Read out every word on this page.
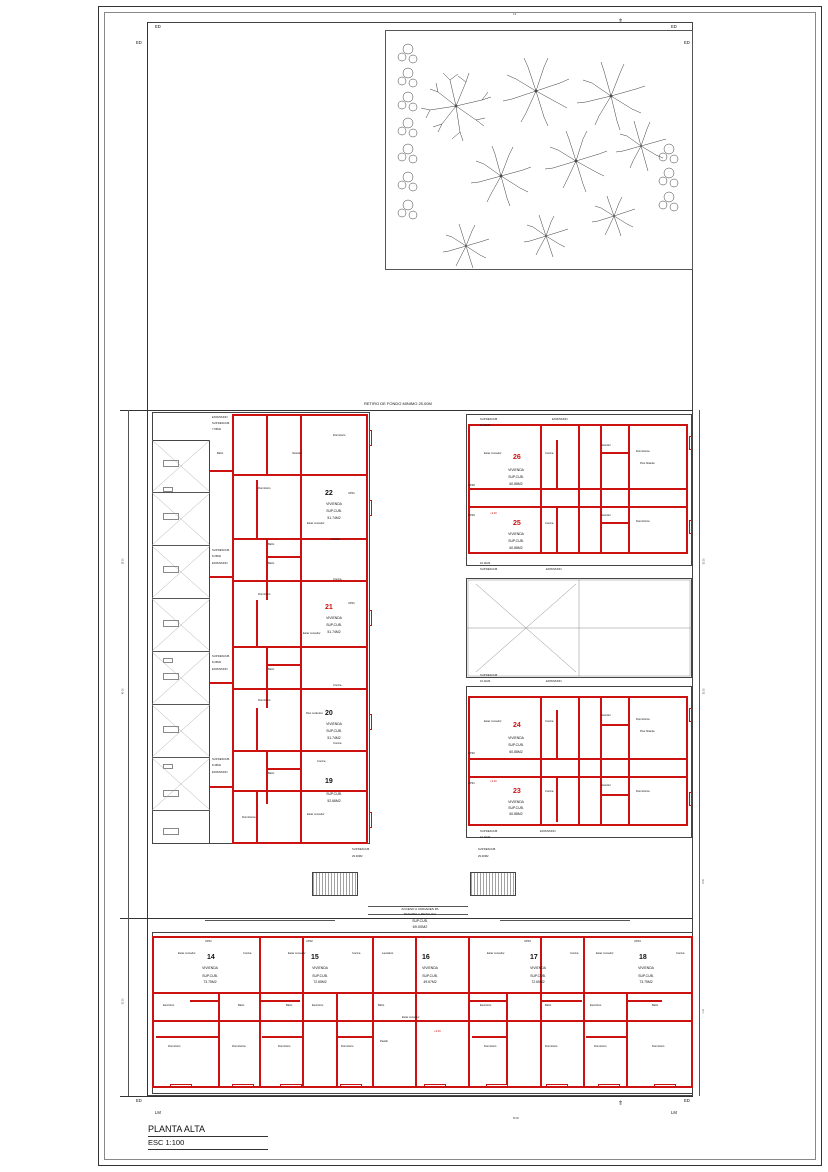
ED	ED
ED	ED
ED	ED
LM	LM
⇑
⇑
0.0
50.00
28.00
40.00
50.00
50.00
50.00
6.00
1.10
RETIRO DE FONDO MINIMO 25.00M
EXPANSION
SUP.DESCUB.
7.56M2
SUP.DESCUB.
8.26M2
EXPANSION
SUP.DESCUB.
8.26M2
EXPANSION
SUP.DESCUB.
8.46M2
EXPANSION
22
VIVIENDA
SUP.CUB.
51.74M2
Estar comedor
Cocina
Dormitorio
Baño
Baño	Vestidor
Dormitorio
UP01
21
VIVIENDA
SUP.CUB.
51.74M2
Dormitorio
Cocina
Baño
Estar comedor
UP01
20
VIVIENDA
SUP.CUB.
51.74M2
Dormitorio
Cocina
Baño
Cocina
Piso cerámico
19
SUP.CUB.
52.66M2
Estar comedor
Dormitorios
Baño
Cocina
SUP.DESCUB.
16.11M2
EXPANSION
SUP.DESCUB.
16.11M2
EXPANSION
SUP.DESCUB.
16.11M2	EXPANSION
SUP.DESCUB.
16.11M2
EXPANSION
26
VIVIENDA
SUP.CUB.
60.88M2
Estar comedor	Cocina
Vestidor
Dormitorios
Piso flotante
UP28
25
VIVIENDA
SUP.CUB.
60.88M2
+3.00
Cocina
Vestidor
Dormitorios
UP29
24
VIVIENDA
SUP.CUB.
60.88M2
Estar comedor	Cocina
Vestidor
Dormitorios
Piso flotante
UP30
23
VIVIENDA
SUP.CUB.
60.88M2
+3.00
Cocina
Vestidor
Dormitorios
UP31
SUP.DESCUB.
29.30M2
SUP.DESCUB.
29.30M2
ACCESO A UNIDADES PA
PASARELA METALICA
SUP.CUB.
69.00M2
14
VIVIENDA
SUP.CUB.
73.75M2
Estar comedor
Escritorio
Dormitorio	Dormitorios
Baño
Cocina
UP01
15
VIVIENDA
SUP.CUB.
72.65M2
Estar comedor
Baño	Escritorio
Dormitorio	Dormitorio
Cocina
UP02
16
VIVIENDA
SUP.CUB.
49.67M2
Lavadero
Baño
Estar comedor
+3.00
Pasillo
17
VIVIENDA
SUP.CUB.
72.65M2
Estar comedor
Escritorio
Dormitorio	Dormitorio
Baño
Cocina
UP03
18
VIVIENDA
SUP.CUB.
73.75M2
Estar comedor
Escritorio
Dormitorio	Dormitorio
Baño
Cocina
UP04
PLANTA ALTA
ESC 1:100
